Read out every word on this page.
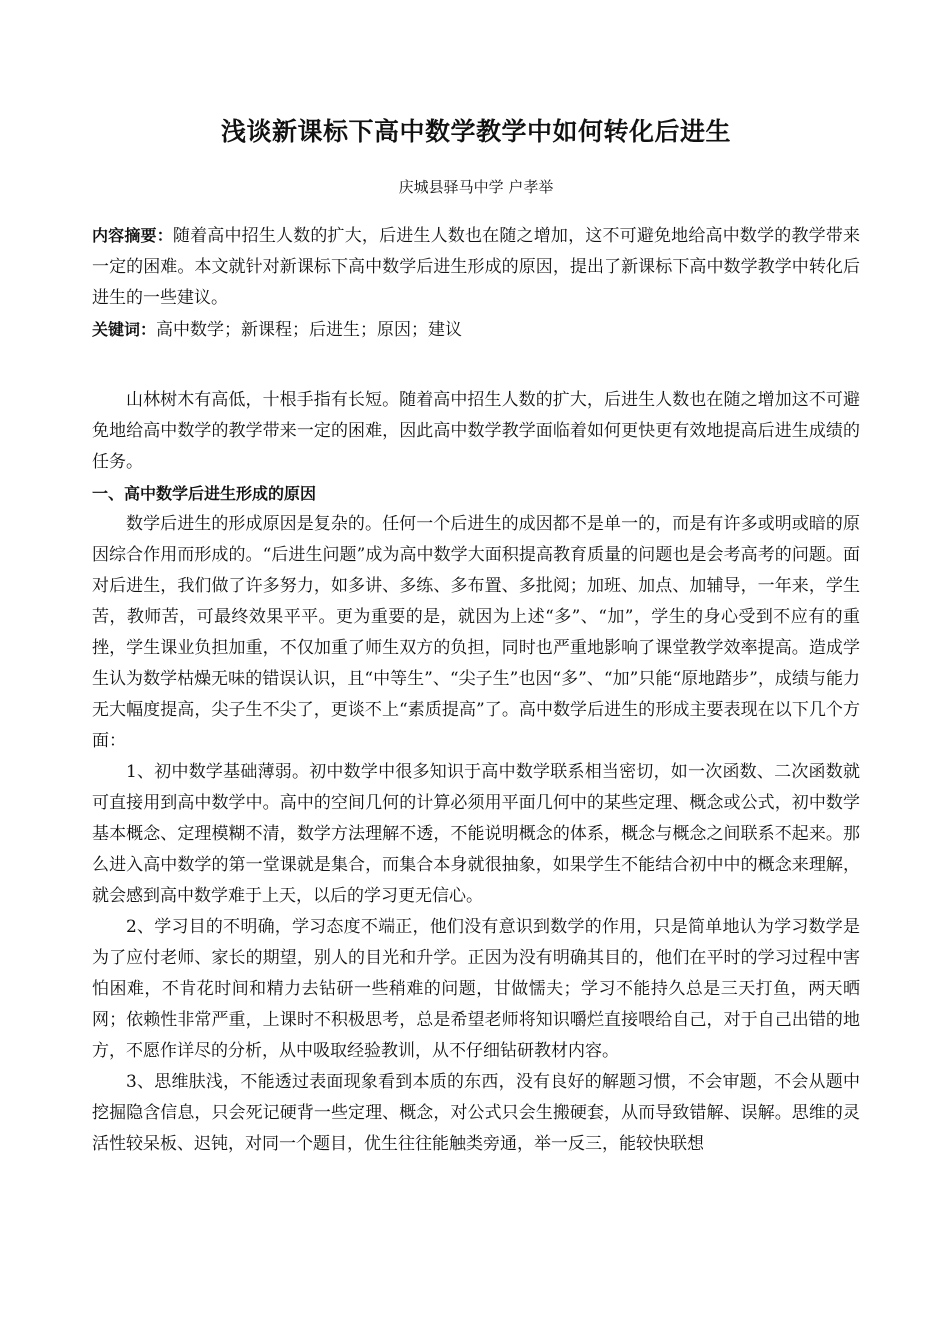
浅谈新课标下高中数学教学中如何转化后进生
庆城县驿马中学 户孝举

内容摘要：随着高中招生人数的扩大，后进生人数也在随之增加，这不可避免地给高中数学的教学带来一定的困难。本文就针对新课标下高中数学后进生形成的原因，提出了新课标下高中数学教学中转化后进生的一些建议。

关键词：高中数学；新课程；后进生；原因；建议

山林树木有高低，十根手指有长短。随着高中招生人数的扩大，后进生人数也在随之增加这不可避免地给高中数学的教学带来一定的困难，因此高中数学教学面临着如何更快更有效地提高后进生成绩的任务。

一、高中数学后进生形成的原因

数学后进生的形成原因是复杂的。任何一个后进生的成因都不是单一的，而是有许多或明或暗的原因综合作用而形成的。“后进生问题”成为高中数学大面积提高教育质量的问题也是会考高考的问题。面对后进生，我们做了许多努力，如多讲、多练、多布置、多批阅；加班、加点、加辅导，一年来，学生苦，教师苦，可最终效果平平。更为重要的是，就因为上述“多”、“加”，学生的身心受到不应有的重挫，学生课业负担加重，不仅加重了师生双方的负担，同时也严重地影响了课堂教学效率提高。造成学生认为数学枯燥无味的错误认识，且“中等生”、“尖子生”也因“多”、“加”只能“原地踏步”，成绩与能力无大幅度提高，尖子生不尖了，更谈不上“素质提高”了。高中数学后进生的形成主要表现在以下几个方面：

1、初中数学基础薄弱。初中数学中很多知识于高中数学联系相当密切，如一次函数、二次函数就可直接用到高中数学中。高中的空间几何的计算必须用平面几何中的某些定理、概念或公式，初中数学基本概念、定理模糊不清，数学方法理解不透，不能说明概念的体系，概念与概念之间联系不起来。那么进入高中数学的第一堂课就是集合，而集合本身就很抽象，如果学生不能结合初中中的概念来理解，就会感到高中数学难于上天，以后的学习更无信心。

2、学习目的不明确，学习态度不端正，他们没有意识到数学的作用，只是简单地认为学习数学是为了应付老师、家长的期望，别人的目光和升学。正因为没有明确其目的，他们在平时的学习过程中害怕困难，不肯花时间和精力去钻研一些稍难的问题，甘做懦夫；学习不能持久总是三天打鱼，两天晒网；依赖性非常严重，上课时不积极思考，总是希望老师将知识嚼烂直接喂给自己，对于自己出错的地方，不愿作详尽的分析，从中吸取经验教训，从不仔细钻研教材内容。

3、思维肤浅，不能透过表面现象看到本质的东西，没有良好的解题习惯，不会审题，不会从题中挖掘隐含信息，只会死记硬背一些定理、概念，对公式只会生搬硬套，从而导致错解、误解。思维的灵活性较呆板、迟钝，对同一个题目，优生往往能触类旁通，举一反三，能较快联想
